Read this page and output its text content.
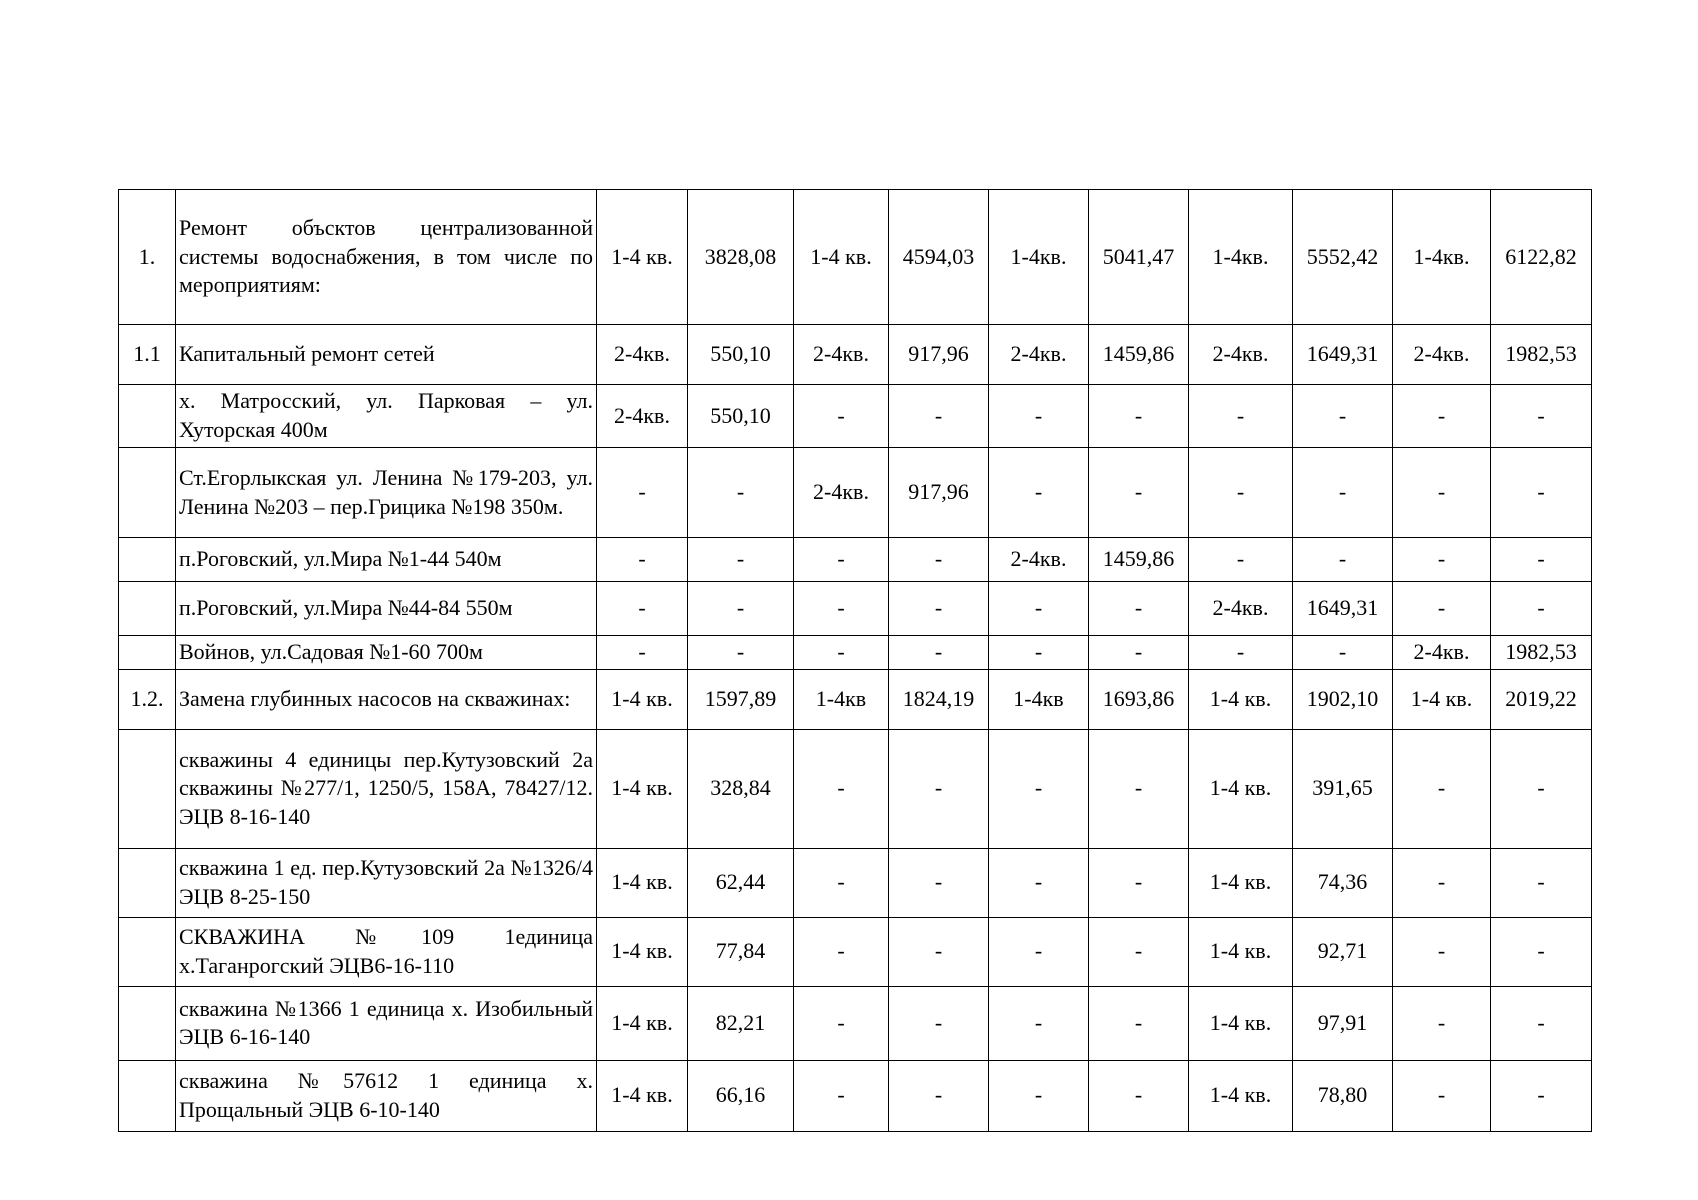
1.	Ремонт объсктов централизованной системы водоснабжения, в том числе по мероприятиям:	1-4 кв.	3828,08	1-4 кв.	4594,03	1-4кв.	5041,47	1-4кв.	5552,42	1-4кв.	6122,82
1.1	Капитальный ремонт сетей	2-4кв.	550,10	2-4кв.	917,96	2-4кв.	1459,86	2-4кв.	1649,31	2-4кв.	1982,53
	х. Матросский, ул. Парковая – ул. Хуторская 400м	2-4кв.	550,10	-	-	-	-	-	-	-	-
	Ст.Егорлыкская ул. Ленина №179-203, ул. Ленина №203 – пер.Грицика №198 350м.	-	-	2-4кв.	917,96	-	-	-	-	-	-
	п.Роговский, ул.Мира №1-44 540м	-	-	-	-	2-4кв.	1459,86	-	-	-	-
	п.Роговский, ул.Мира №44-84 550м	-	-	-	-	-	-	2-4кв.	1649,31	-	-
	Войнов, ул.Садовая №1-60 700м	-	-	-	-	-	-	-	-	2-4кв.	1982,53
1.2.	Замена глубинных насосов на скважинах:	1-4 кв.	1597,89	1-4кв	1824,19	1-4кв	1693,86	1-4 кв.	1902,10	1-4 кв.	2019,22
	скважины 4 единицы пер.Кутузовский 2а скважины №277/1, 1250/5, 158А, 78427/12. ЭЦВ 8-16-140	1-4 кв.	328,84	-	-	-	-	1-4 кв.	391,65	-	-
	скважина 1 ед. пер.Кутузовский 2а №1326/4 ЭЦВ 8-25-150	1-4 кв.	62,44	-	-	-	-	1-4 кв.	74,36	-	-
	СКВАЖИНА №109 1единица х.Таганрогский ЭЦВ6-16-110	1-4 кв.	77,84	-	-	-	-	1-4 кв.	92,71	-	-
	скважина №1366 1 единица х. Изобильный ЭЦВ 6-16-140	1-4 кв.	82,21	-	-	-	-	1-4 кв.	97,91	-	-
	скважина №57612 1 единица х. Прощальный ЭЦВ 6-10-140	1-4 кв.	66,16	-	-	-	-	1-4 кв.	78,80	-	-
